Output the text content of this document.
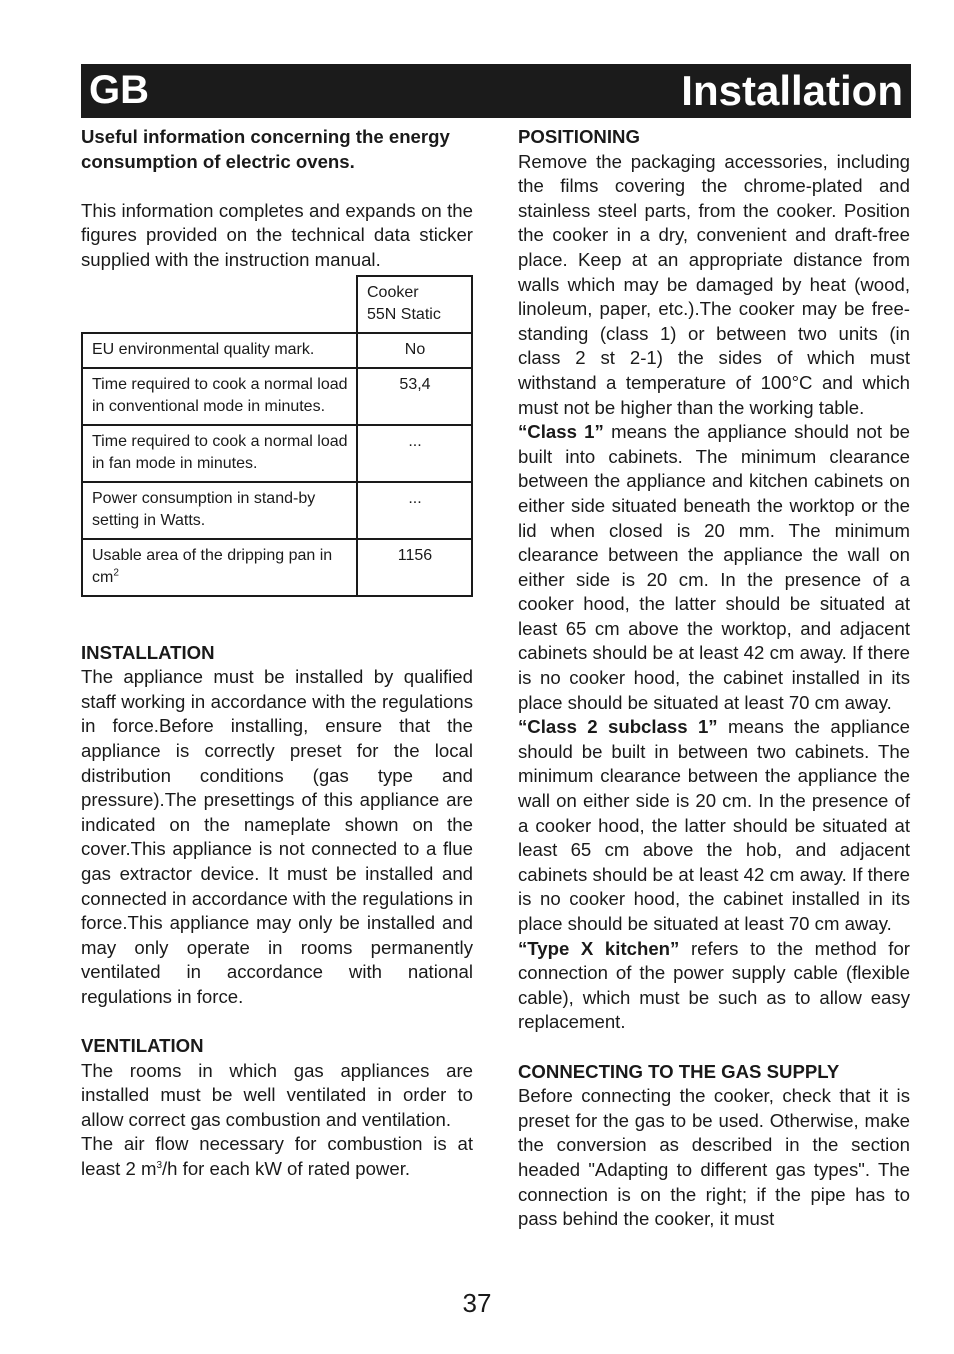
GB	Installation

Useful information concerning the energy consumption of electric ovens.

This information completes and expands on the figures provided on the technical data sticker supplied with the instruction manual.

	Cooker
55N Static
EU environmental quality mark.	No
Time required to cook a normal load in conventional mode in minutes.	53,4
Time required to cook a normal load in fan mode in minutes.	...
Power consumption in stand-by setting in Watts.	...
Usable area of the dripping pan in $cm^2$	1156

INSTALLATION

The appliance must be installed by qualified staff working in accordance with the regulations in force.Before installing, ensure that the appliance is correctly preset for the local distribution conditions (gas type and pressure).The presettings of this appliance are indicated on the nameplate shown on the cover.This appliance is not connected to a flue gas extractor device. It must be installed and connected in accordance with the regulations in force.This appliance may only be installed and may only operate in rooms permanently ventilated in accordance with national regulations in force.

VENTILATION

The rooms in which gas appliances are installed must be well ventilated in order to allow correct gas combustion and ventilation.

The air flow necessary for combustion is at least 2 $m^3/h$ for each kW of rated power.

POSITIONING

Remove the packaging accessories, including the films covering the chrome-plated and stainless steel parts, from the cooker. Position the cooker in a dry, convenient and draft-free place. Keep at an appropriate distance from walls which may be damaged by heat (wood, linoleum, paper, etc.).The cooker may be free-standing (class 1) or between two units (in class 2 st 2-1) the sides of which must withstand a temperature of 100°C and which must not be higher than the working table.

“Class 1” means the appliance should not be built into cabinets. The minimum clearance between the appliance and kitchen cabinets on either side situated beneath the worktop or the lid when closed is 20 mm. The minimum clearance between the appliance the wall on either side is 20 cm. In the presence of a cooker hood, the latter should be situated at least 65 cm above the worktop, and adjacent cabinets should be at least 42 cm away. If there is no cooker hood, the cabinet installed in its place should be situated at least 70 cm away.

“Class 2 subclass 1” means the appliance should be built in between two cabinets. The minimum clearance between the appliance the wall on either side is 20 cm. In the presence of a cooker hood, the latter should be situated at least 65 cm above the hob, and adjacent cabinets should be at least 42 cm away. If there is no cooker hood, the cabinet installed in its place should be situated at least 70 cm away.

“Type X kitchen” refers to the method for connection of the power supply cable (flexible cable), which must be such as to allow easy replacement.

CONNECTING TO THE GAS SUPPLY

Before connecting the cooker, check that it is preset for the gas to be used. Otherwise, make the conversion as described in the section headed "Adapting to different gas types". The connection is on the right; if the pipe has to pass behind the cooker, it must

37
